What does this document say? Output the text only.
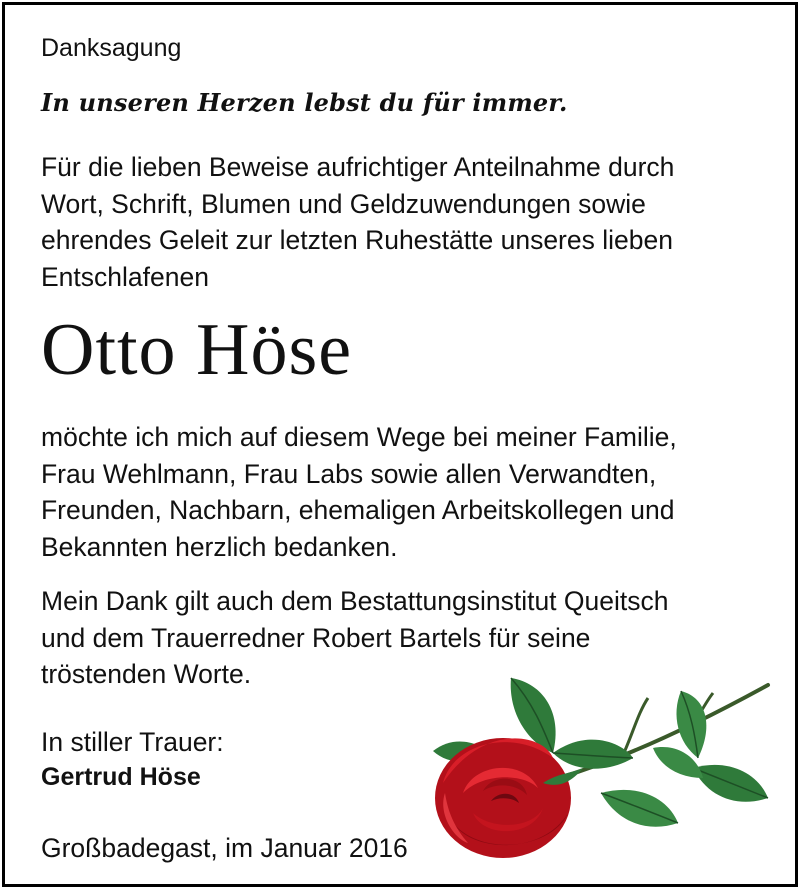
Danksagung
In unseren Herzen lebst du für immer.
Für die lieben Beweise aufrichtiger Anteilnahme durch
Wort, Schrift, Blumen und Geldzuwendungen sowie
ehrendes Geleit zur letzten Ruhestätte unseres lieben
Entschlafenen
Otto Höse
möchte ich mich auf diesem Wege bei meiner Familie,
Frau Wehlmann, Frau Labs sowie allen Verwandten,
Freunden, Nachbarn, ehemaligen Arbeitskollegen und
Bekannten herzlich bedanken.
Mein Dank gilt auch dem Bestattungsinstitut Queitsch
und dem Trauerredner Robert Bartels für seine
tröstenden Worte.
In stiller Trauer:
Gertrud Höse
Großbadegast, im Januar 2016
